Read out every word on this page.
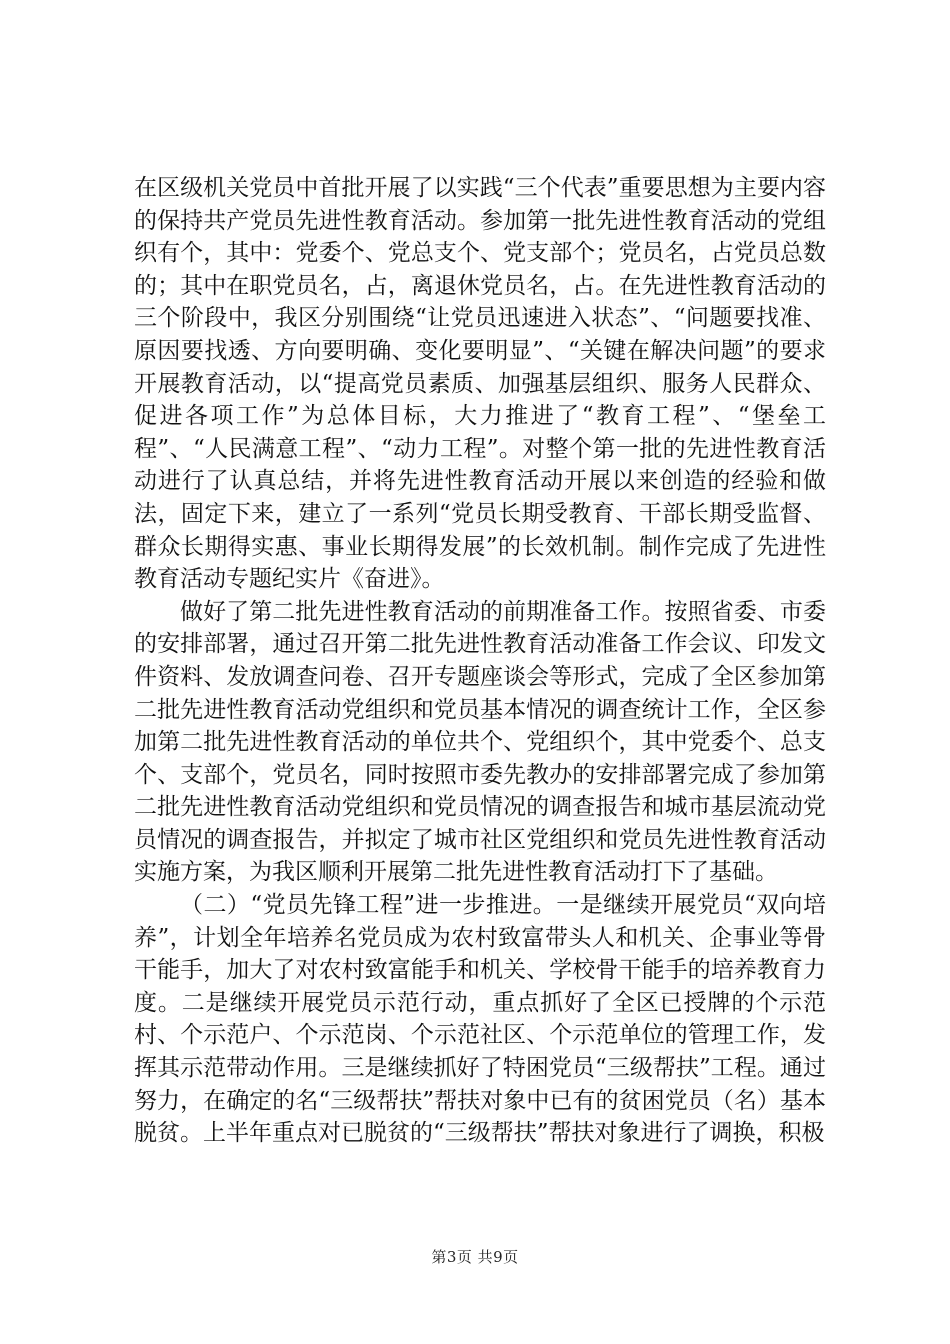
在区级机关党员中首批开展了以实践“三个代表”重要思想为主要内容的保持共产党员先进性教育活动。参加第一批先进性教育活动的党组织有个，其中：党委个、党总支个、党支部个；党员名，占党员总数的；其中在职党员名，占，离退休党员名，占。在先进性教育活动的三个阶段中，我区分别围绕“让党员迅速进入状态”、“问题要找准、原因要找透、方向要明确、变化要明显”、“关键在解决问题”的要求开展教育活动，以“提高党员素质、加强基层组织、服务人民群众、促进各项工作”为总体目标，大力推进了“教育工程”、“堡垒工程”、“人民满意工程”、“动力工程”。对整个第一批的先进性教育活动进行了认真总结，并将先进性教育活动开展以来创造的经验和做法，固定下来，建立了一系列“党员长期受教育、干部长期受监督、群众长期得实惠、事业长期得发展”的长效机制。制作完成了先进性教育活动专题纪实片《奋进》。

做好了第二批先进性教育活动的前期准备工作。按照省委、市委的安排部署，通过召开第二批先进性教育活动准备工作会议、印发文件资料、发放调查问卷、召开专题座谈会等形式，完成了全区参加第二批先进性教育活动党组织和党员基本情况的调查统计工作，全区参加第二批先进性教育活动的单位共个、党组织个，其中党委个、总支个、支部个，党员名，同时按照市委先教办的安排部署完成了参加第二批先进性教育活动党组织和党员情况的调查报告和城市基层流动党员情况的调查报告，并拟定了城市社区党组织和党员先进性教育活动实施方案，为我区顺利开展第二批先进性教育活动打下了基础。

（二）“党员先锋工程”进一步推进。一是继续开展党员“双向培养”，计划全年培养名党员成为农村致富带头人和机关、企事业等骨干能手，加大了对农村致富能手和机关、学校骨干能手的培养教育力度。二是继续开展党员示范行动，重点抓好了全区已授牌的个示范村、个示范户、个示范岗、个示范社区、个示范单位的管理工作，发挥其示范带动作用。三是继续抓好了特困党员“三级帮扶”工程。通过努力，在确定的名“三级帮扶”帮扶对象中已有的贫困党员（名）基本脱贫。上半年重点对已脱贫的“三级帮扶”帮扶对象进行了调换，积极

第3页 共9页
